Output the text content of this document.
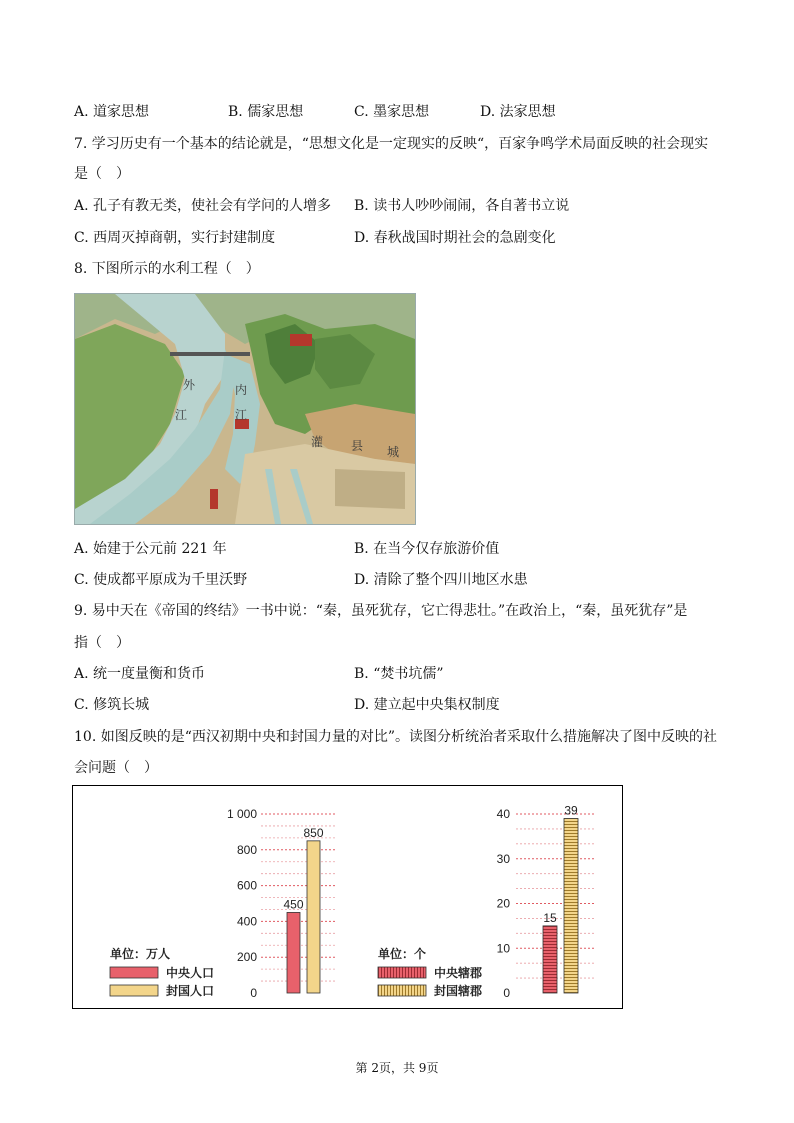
A. 道家思想	B. 儒家思想	C. 墨家思想	D. 法家思想
7. 学习历史有一个基本的结论就是，“思想文化是一定现实的反映“，百家争鸣学术局面反映的社会现实
是（　）
A. 孔子有教无类，使社会有学问的人增多 B. 读书人吵吵闹闹，各自著书立说
C. 西周灭掉商朝，实行封建制度	D. 春秋战国时期社会的急剧变化
8. 下图所示的水利工程（　）
外
江
内
江
灌 县 城
A. 始建于公元前 221 年	B. 在当今仅存旅游价值
C. 使成都平原成为千里沃野	D. 清除了整个四川地区水患
9. 易中天在《帝国的终结》一书中说：“秦，虽死犹存，它亡得悲壮。”在政治上，“秦，虽死犹存”是
指（　）
A. 统一度量衡和货币	B. “焚书坑儒”
C. 修筑长城	D. 建立起中央集权制度
10. 如图反映的是“西汉初期中央和封国力量的对比”。读图分析统治者采取什么措施解决了图中反映的社
会问题（　）
0
200
400
600
800
1 000
450
850
单位：万人
中央人口
封国人口	0
10
20
30
40
15
39
单位：个
中央辖郡
封国辖郡
第 2页，共 9页
